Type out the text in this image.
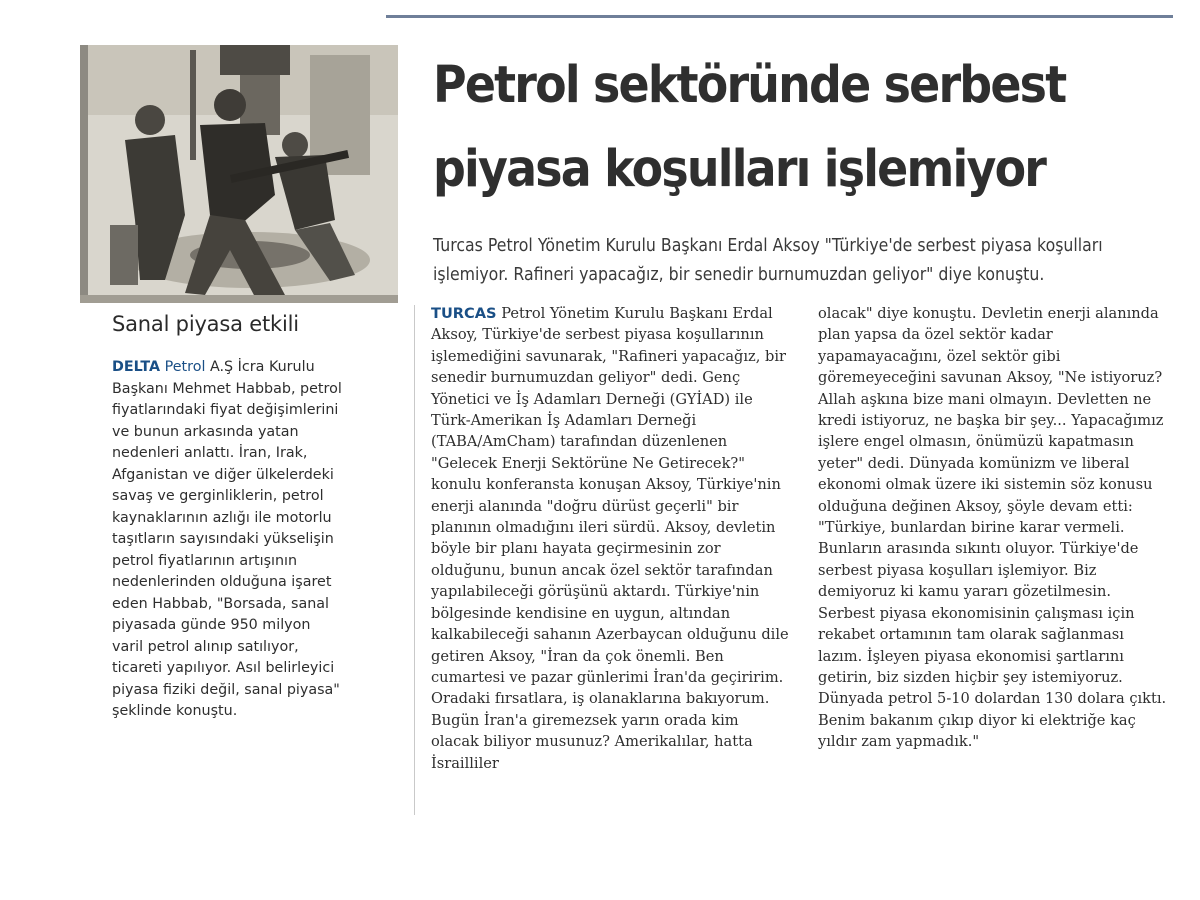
Petrol sektöründe serbest piyasa koşulları işlemiyor

Turcas Petrol Yönetim Kurulu Başkanı Erdal Aksoy "Türkiye'de serbest piyasa koşulları işlemiyor. Rafineri yapacağız, bir senedir burnumuzdan geliyor" diye konuştu.

Sanal piyasa etkili

DELTA Petrol A.Ş İcra Kurulu Başkanı Mehmet Habbab, petrol fiyatlarındaki fiyat değişimlerini ve bunun arkasında yatan nedenleri anlattı. İran, Irak, Afganistan ve diğer ülkelerdeki savaş ve gerginliklerin, petrol kaynaklarının azlığı ile motorlu taşıtların sayısındaki yükselişin petrol fiyatlarının artışının nedenlerinden olduğuna işaret eden Habbab, "Borsada, sanal piyasada günde 950 milyon varil petrol alınıp satılıyor, ticareti yapılıyor. Asıl belirleyici piyasa fiziki değil, sanal piyasa" şeklinde konuştu.

TURCAS Petrol Yönetim Kurulu Başkanı Erdal Aksoy, Türkiye'de serbest piyasa koşullarının işlemediğini savunarak, "Rafineri yapacağız, bir senedir burnumuzdan geliyor" dedi. Genç Yönetici ve İş Adamları Derneği (GYİAD) ile Türk-Amerikan İş Adamları Derneği (TABA/AmCham) tarafından düzenlenen "Gelecek Enerji Sektörüne Ne Getirecek?" konulu konferansta konuşan Aksoy, Türkiye'nin enerji alanında "doğru dürüst geçerli" bir planının olmadığını ileri sürdü. Aksoy, devletin böyle bir planı hayata geçirmesinin zor olduğunu, bunun ancak özel sektör tarafından yapılabileceği görüşünü aktardı. Türkiye'nin bölgesinde kendisine en uygun, altından kalkabileceği sahanın Azerbaycan olduğunu dile getiren Aksoy, "İran da çok önemli. Ben cumartesi ve pazar günlerimi İran'da geçiririm. Oradaki fırsatlara, iş olanaklarına bakıyorum. Bugün İran'a giremezsek yarın orada kim olacak biliyor musunuz? Amerikalılar, hatta İsrailliler

olacak" diye konuştu. Devletin enerji alanında plan yapsa da özel sektör kadar yapamayacağını, özel sektör gibi göremeyeceğini savunan Aksoy, "Ne istiyoruz? Allah aşkına bize mani olmayın. Devletten ne kredi istiyoruz, ne başka bir şey... Yapacağımız işlere engel olmasın, önümüzü kapatmasın yeter" dedi. Dünyada komünizm ve liberal ekonomi olmak üzere iki sistemin söz konusu olduğuna değinen Aksoy, şöyle devam etti: "Türkiye, bunlardan birine karar vermeli. Bunların arasında sıkıntı oluyor. Türkiye'de serbest piyasa koşulları işlemiyor. Biz demiyoruz ki kamu yararı gözetilmesin. Serbest piyasa ekonomisinin çalışması için rekabet ortamının tam olarak sağlanması lazım. İşleyen piyasa ekonomisi şartlarını getirin, biz sizden hiçbir şey istemiyoruz. Dünyada petrol 5-10 dolardan 130 dolara çıktı. Benim bakanım çıkıp diyor ki elektriğe kaç yıldır zam yapmadık."
